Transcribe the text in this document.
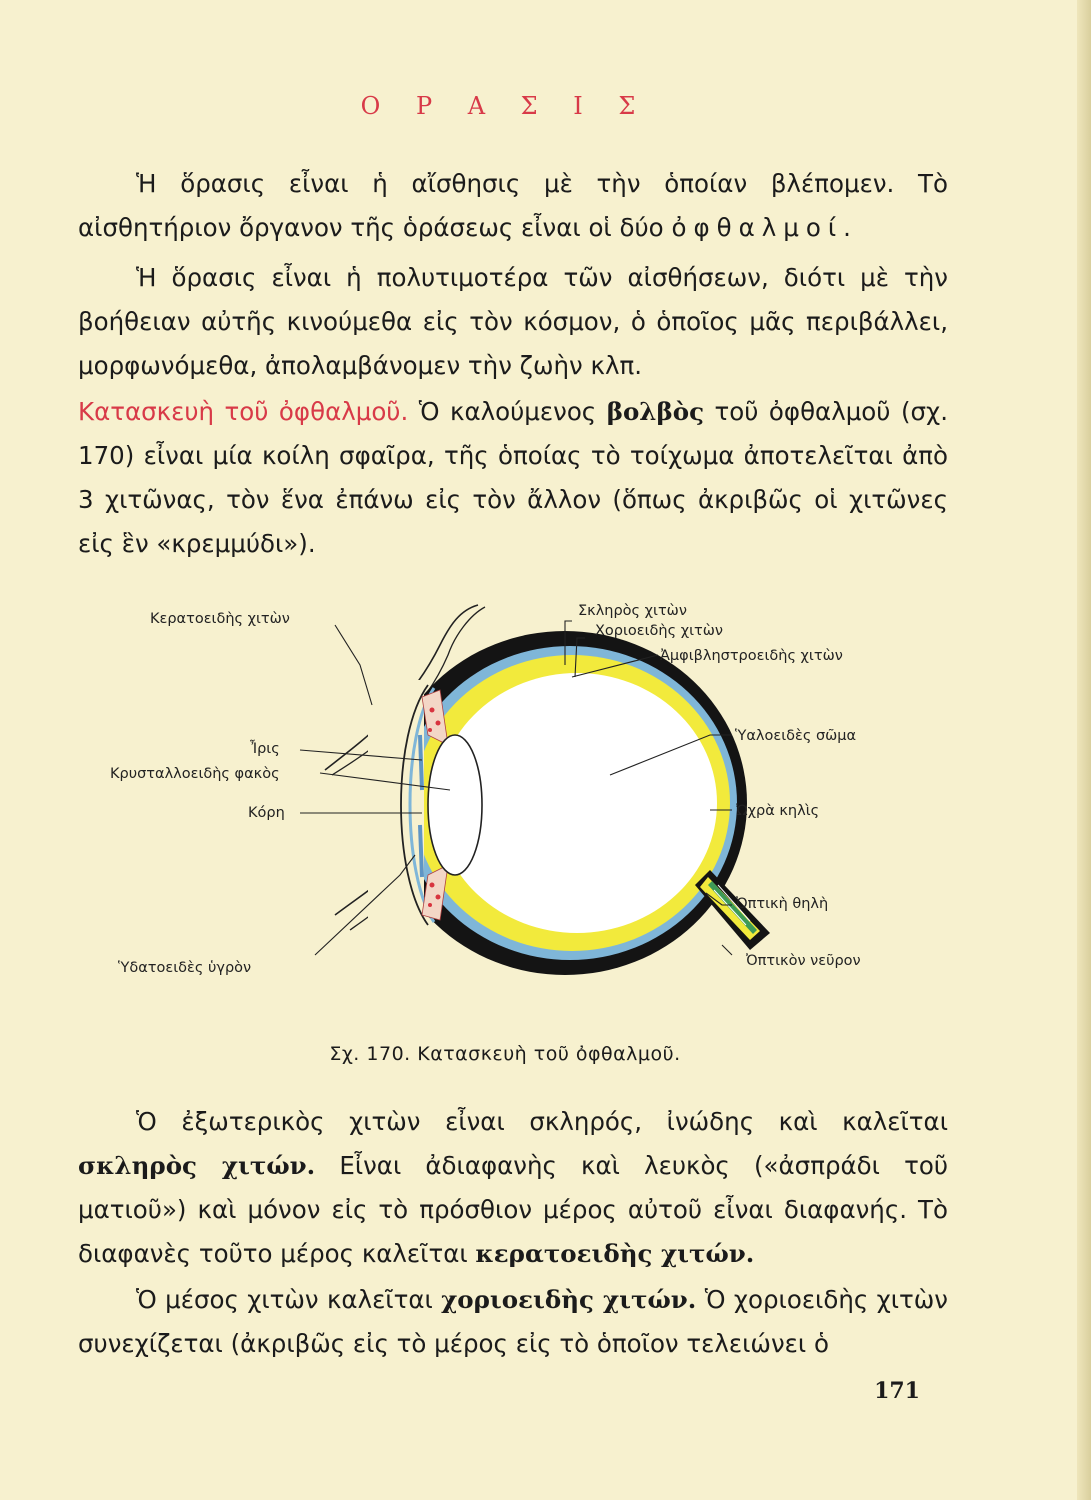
Ο Ρ Α Σ Ι Σ

Ἡ ὅρασις εἶναι ἡ αἴσθησις μὲ τὴν ὁποίαν βλέπομεν. Τὸ αἰσθητήριον ὄργανον τῆς ὁράσεως εἶναι οἱ δύο ὀφθαλμοί.

Ἡ ὅρασις εἶναι ἡ πολυτιμοτέρα τῶν αἰσθήσεων, διότι μὲ τὴν βοήθειαν αὐτῆς κινούμεθα εἰς τὸν κόσμον, ὁ ὁποῖος μᾶς περιβάλλει, μορφωνόμεθα, ἀπολαμβάνομεν τὴν ζωὴν κλπ.

Κατασκευὴ τοῦ ὀφθαλμοῦ. Ὁ καλούμενος βολβὸς τοῦ ὀφθαλμοῦ (σχ. 170) εἶναι μία κοίλη σφαῖρα, τῆς ὁποίας τὸ τοίχωμα ἀποτελεῖται ἀπὸ 3 χιτῶνας, τὸν ἕνα ἐπάνω εἰς τὸν ἄλλον (ὅπως ἀκριβῶς οἱ χιτῶνες εἰς ἓν «κρεμμύδι»).

Κερατοειδὴς χιτὼν	Σκληρὸς χιτὼν
Χοριοειδὴς χιτὼν
Ἀμφιβληστροειδὴς χιτὼν
Ὑαλοειδὲς σῶμα
Ἶρις
Κρυσταλλοειδὴς φακὸς
Κόρη	Ὠχρὰ κηλὶς
Ὀπτικὴ θηλὴ
Ὑδατοειδὲς ὑγρὸν	Ὀπτικὸν νεῦρον
Σχ. 170. Κατασκευὴ τοῦ ὀφθαλμοῦ.

Ὁ ἐξωτερικὸς χιτὼν εἶναι σκληρός, ἰνώδης καὶ καλεῖται σκληρὸς χιτών. Εἶναι ἀδιαφανὴς καὶ λευκὸς («ἀσπράδι τοῦ ματιοῦ») καὶ μόνον εἰς τὸ πρόσθιον μέρος αὐτοῦ εἶναι διαφανής. Τὸ διαφανὲς τοῦτο μέρος καλεῖται κερατοειδὴς χιτών.

Ὁ μέσος χιτὼν καλεῖται χοριοειδὴς χιτών. Ὁ χοριοειδὴς χιτὼν συνεχίζεται (ἀκριβῶς εἰς τὸ μέρος εἰς τὸ ὁποῖον τελειώνει ὁ

171
